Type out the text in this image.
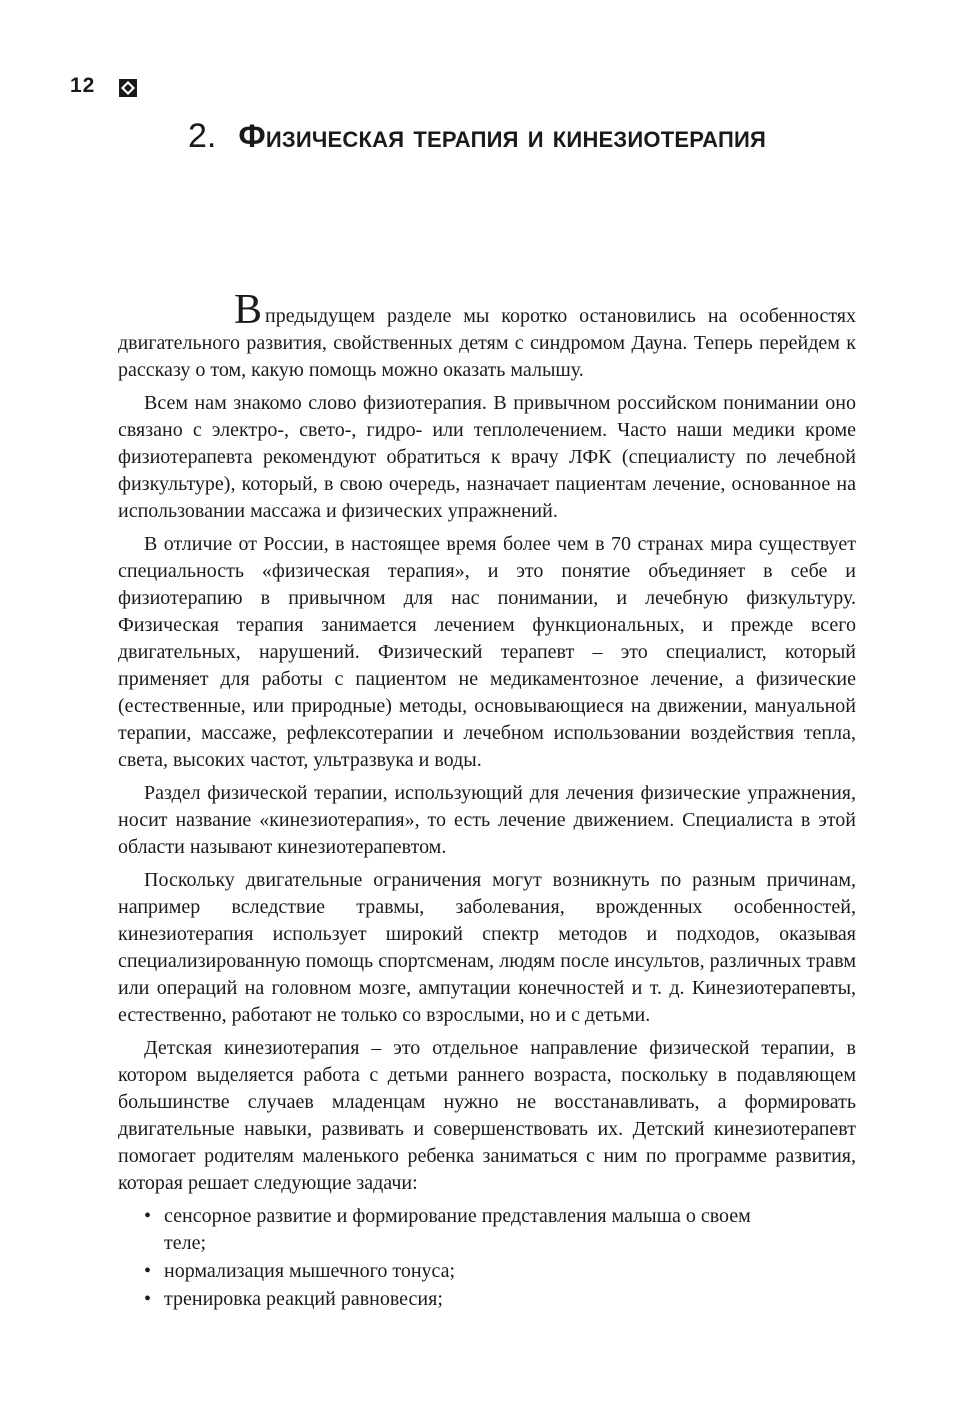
12
2. Физическая терапия и кинезиотерапия

Впредыдущем разделе мы коротко остановились на особенностях двигательного развития, свойственных детям с синдромом Дауна. Теперь перейдем к рассказу о том, какую помощь можно оказать малышу.

Всем нам знакомо слово физиотерапия. В привычном российском понимании оно связано с электро-, свето-, гидро- или теплолечением. Часто наши медики кроме физиотерапевта рекомендуют обратиться к врачу ЛФК (специалисту по лечебной физкультуре), который, в свою очередь, назначает пациентам лечение, основанное на использовании массажа и физических упражнений.

В отличие от России, в настоящее время более чем в 70 странах мира существует специальность «физическая терапия», и это понятие объединяет в себе и физиотерапию в привычном для нас понимании, и лечебную физкультуру. Физическая терапия занимается лечением функциональных, и прежде всего двигательных, нарушений. Физический терапевт – это специалист, который применяет для работы с пациентом не медикаментозное лечение, а физические (естественные, или природные) методы, основывающиеся на движении, мануальной терапии, массаже, рефлексотерапии и лечебном использовании воздействия тепла, света, высоких частот, ультразвука и воды.

Раздел физической терапии, использующий для лечения физические упражнения, носит название «кинезиотерапия», то есть лечение движением. Специалиста в этой области называют кинезиотерапевтом.

Поскольку двигательные ограничения могут возникнуть по разным причинам, например вследствие травмы, заболевания, врожденных особенностей, кинезиотерапия использует широкий спектр методов и подходов, оказывая специализированную помощь спортсменам, людям после инсультов, различных травм или операций на головном мозге, ампутации конечностей и т. д. Кинезиотерапевты, естественно, работают не только со взрослыми, но и с детьми.

Детская кинезиотерапия – это отдельное направление физической терапии, в котором выделяется работа с детьми раннего возраста, поскольку в подавляющем большинстве случаев младенцам нужно не восстанавливать, а формировать двигательные навыки, развивать и совершенствовать их. Детский кинезиотерапевт помогает родителям маленького ребенка заниматься с ним по программе развития, которая решает следующие задачи:

• сенсорное развитие и формирование представления малыша о своем теле;
• нормализация мышечного тонуса;
• тренировка реакций равновесия;
